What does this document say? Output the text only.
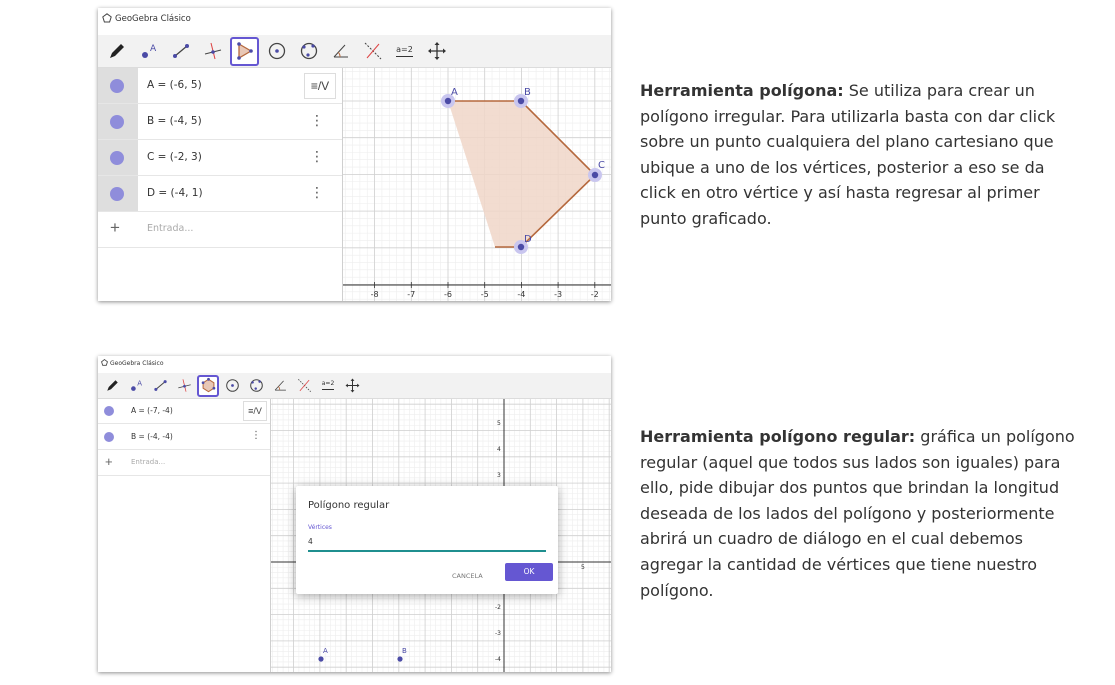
GeoGebra Clásico
A	a=2
A = (-6, 5)	≡/V
B = (-4, 5)	⋮
C = (-2, 3)	⋮
D = (-4, 1)	⋮
+	Entrada...
A	B
C
D
-8	-7	-6	-5	-4	-3	-2
Herramienta polígona: Se utiliza para crear un polígono irregular. Para utilizarla basta con dar click sobre un punto cualquiera del plano cartesiano que ubique a uno de los vértices, posterior a eso se da click en otro vértice y así hasta regresar al primer punto graficado.
GeoGebra Clásico
A	a=2
A = (-7, -4)	≡/V
B = (-4, -4)	⋮
+	Entrada...
5
4
3
-2
-3
-4
5
A	B
Polígono regular
Vértices
4
CANCELA	OK
Herramienta polígono regular: gráfica un polígono regular (aquel que todos sus lados son iguales) para ello, pide dibujar dos puntos que brindan la longitud deseada de los lados del polígono y posteriormente abrirá un cuadro de diálogo en el cual debemos agregar la cantidad de vértices que tiene nuestro polígono.
